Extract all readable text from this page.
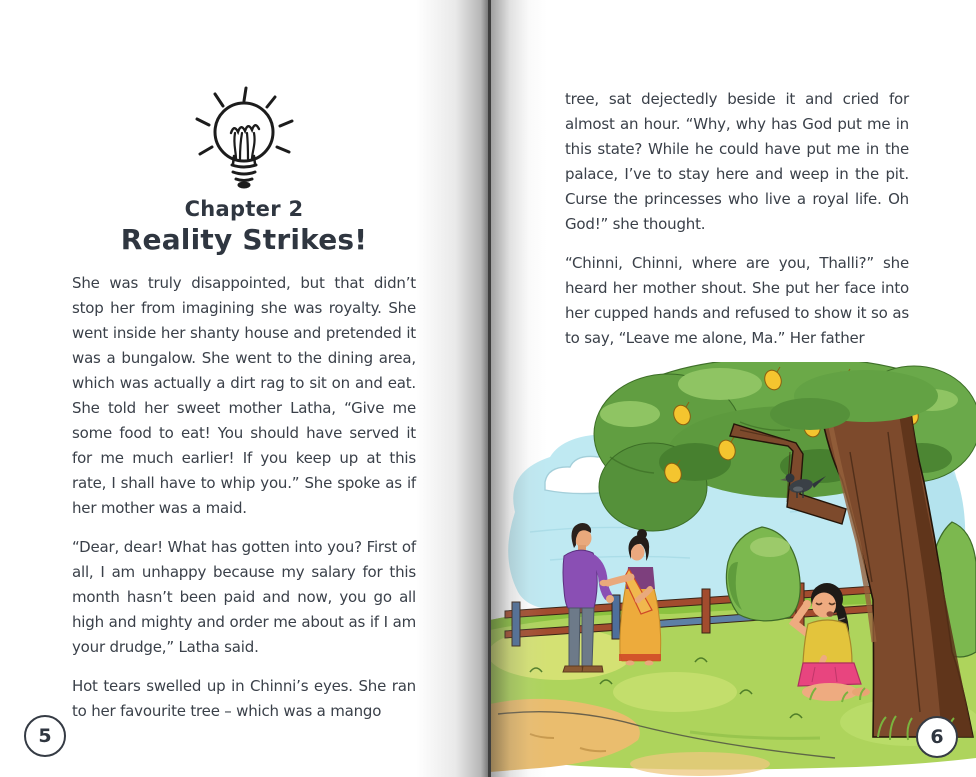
Chapter 2
Reality Strikes!

She was truly disappointed, but that didn’t stop her from imagining she was royalty. She went inside her shanty house and pretended it was a bungalow. She went to the dining area, which was actually a dirt rag to sit on and eat. She told her sweet mother Latha, “Give me some food to eat! You should have served it for me much earlier! If you keep up at this rate, I shall have to whip you.” She spoke as if her mother was a maid.

“Dear, dear! What has gotten into you? First of all, I am unhappy because my salary for this month hasn’t been paid and now, you go all high and mighty and order me about as if I am your drudge,” Latha said.

Hot tears swelled up in Chinni’s eyes. She ran to her favourite tree – which was a mango

5

tree, sat dejectedly beside it and cried for almost an hour. “Why, why has God put me in this state? While he could have put me in the palace, I’ve to stay here and weep in the pit. Curse the princesses who live a royal life. Oh God!” she thought.

“Chinni, Chinni, where are you, Thalli?” she heard her mother shout. She put her face into her cupped hands and refused to show it so as to say, “Leave me alone, Ma.” Her father

6
